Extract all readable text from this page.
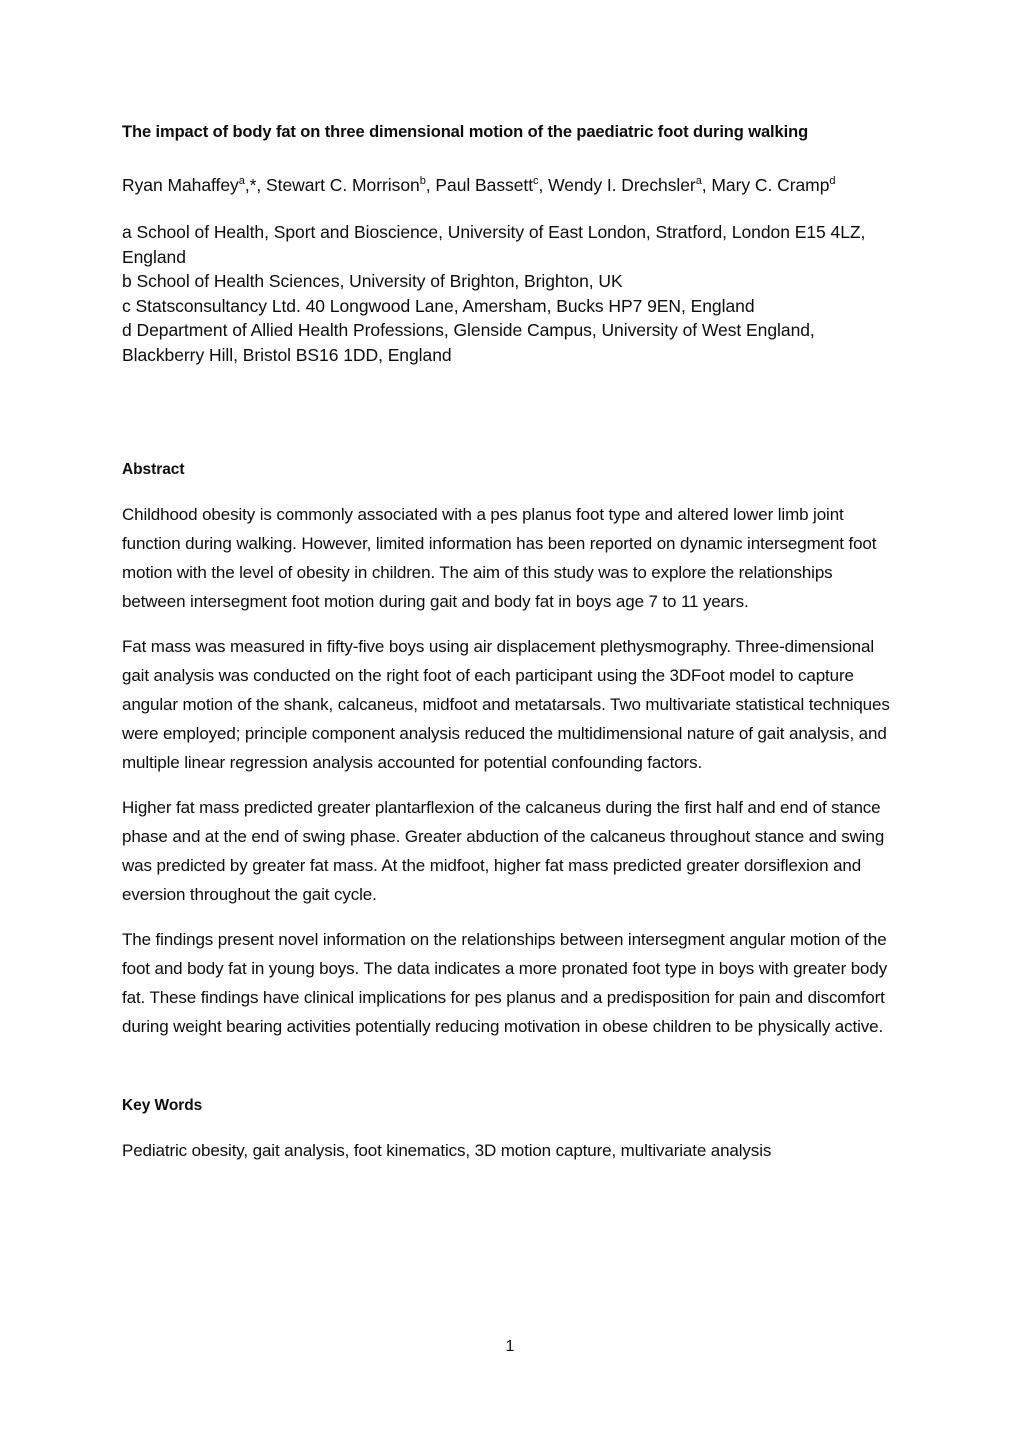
The impact of body fat on three dimensional motion of the paediatric foot during walking

Ryan Mahaffey$^a$,*, Stewart C. Morrison$^b$, Paul Bassett$^c$, Wendy I. Drechsler$^a$, Mary C. Cramp$^d$

a School of Health, Sport and Bioscience, University of East London, Stratford, London E15 4LZ, England

b School of Health Sciences, University of Brighton, Brighton, UK

c Statsconsultancy Ltd. 40 Longwood Lane, Amersham, Bucks HP7 9EN, England

d Department of Allied Health Professions, Glenside Campus, University of West England, Blackberry Hill, Bristol BS16 1DD, England

Abstract

Childhood obesity is commonly associated with a pes planus foot type and altered lower limb joint function during walking. However, limited information has been reported on dynamic intersegment foot motion with the level of obesity in children. The aim of this study was to explore the relationships between intersegment foot motion during gait and body fat in boys age 7 to 11 years.

Fat mass was measured in fifty-five boys using air displacement plethysmography. Three-dimensional gait analysis was conducted on the right foot of each participant using the 3DFoot model to capture angular motion of the shank, calcaneus, midfoot and metatarsals. Two multivariate statistical techniques were employed; principle component analysis reduced the multidimensional nature of gait analysis, and multiple linear regression analysis accounted for potential confounding factors.

Higher fat mass predicted greater plantarflexion of the calcaneus during the first half and end of stance phase and at the end of swing phase. Greater abduction of the calcaneus throughout stance and swing was predicted by greater fat mass. At the midfoot, higher fat mass predicted greater dorsiflexion and eversion throughout the gait cycle.

The findings present novel information on the relationships between intersegment angular motion of the foot and body fat in young boys. The data indicates a more pronated foot type in boys with greater body fat. These findings have clinical implications for pes planus and a predisposition for pain and discomfort during weight bearing activities potentially reducing motivation in obese children to be physically active.

Key Words

Pediatric obesity, gait analysis, foot kinematics, 3D motion capture, multivariate analysis

1
